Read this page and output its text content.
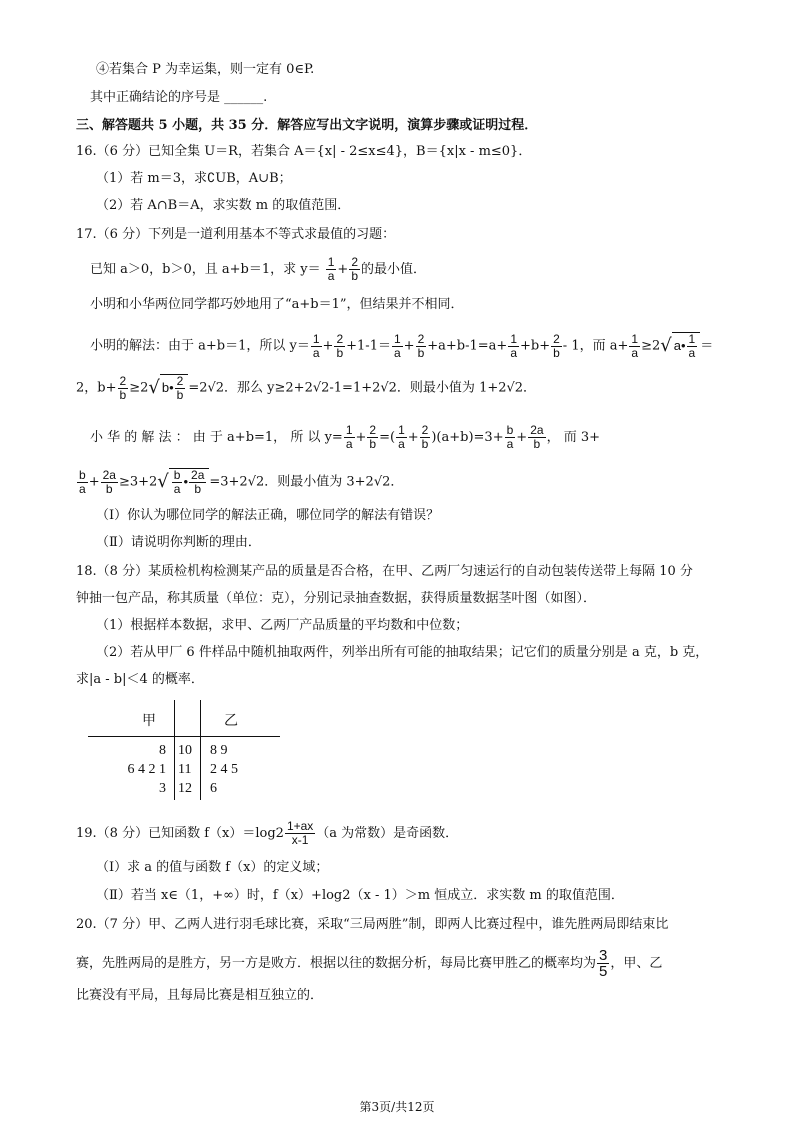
④若集合 P 为幸运集，则一定有 0∈P.
其中正确结论的序号是 ______.
三、解答题共 5 小题，共 35 分．解答应写出文字说明，演算步骤或证明过程．
16.（6 分）已知全集 U＝R，若集合 A＝{x| - 2≤x≤4}，B＝{x|x - m≤0}．
（1）若 m＝3，求∁UB，A∪B；
（2）若 A∩B＝A，求实数 m 的取值范围．
17.（6 分）下列是一道利用基本不等式求最值的习题：
已知 a＞0，b＞0，且 a+b＝1，求 $y= \frac{1}{a} + \frac{2}{b}$ 的最小值．
小明和小华两位同学都巧妙地用了“a+b＝1”，但结果并不相同．
小明的解法：由于 a+b＝1，所以 $y= \frac{1}{a} + \frac{2}{b} +1-1= \frac{1}{a} + \frac{2}{b} +a+b-1=a+ \frac{1}{a} +b+ \frac{2}{b} - 1$，而 $a+ \frac{1}{a} \ge 2√$ a• $\frac{1}{a}$ ＝
2，$b+ \frac{2}{b} \ge 2√$ b• $\frac{2}{b} =2√2$．那么 y≥2+2√2-1=1+2√2．则最小值为 1+2√2．
小 华 的 解 法 ： 由 于 a+b=1， 所 以 $y= \frac{1}{a} + \frac{2}{b}$ =( $\frac{1}{a} + \frac{2}{b} )(a+b)=3+ \frac{b}{a} + \frac{2a}{b}$ ， 而 3+
$\frac{b}{a} + \frac{2a}{b} \ge 3+2√ \frac{b}{a}$ • $\frac{2a}{b} =3+2√2$．则最小值为 3+2√2．
（Ⅰ）你认为哪位同学的解法正确，哪位同学的解法有错误？
（Ⅱ）请说明你判断的理由．
18.（8 分）某质检机构检测某产品的质量是否合格，在甲、乙两厂匀速运行的自动包装传送带上每隔 10 分
钟抽一包产品，称其质量（单位：克），分别记录抽查数据，获得质量数据茎叶图（如图）．
（1）根据样本数据，求甲、乙两厂产品质量的平均数和中位数；
（2）若从甲厂 6 件样品中随机抽取两件，列举出所有可能的抽取结果；记它们的质量分别是 a 克，b 克，
求|a - b|＜4 的概率．
甲	乙
8 10 8 9
6 4 2 1 11 2 4 5
3 12 6
19.（8 分）已知函数 $f(x)=\log 2 \frac{1+ax}{x-1} (a$ 为常数）是奇函数．
（Ⅰ）求 a 的值与函数 f（x）的定义域；
（Ⅱ）若当 x∈（1，+∞）时，f（x）+log2（x - 1）＞m 恒成立．求实数 m 的取值范围．
20.（7 分）甲、乙两人进行羽毛球比赛，采取“三局两胜”制，即两人比赛过程中，谁先胜两局即结束比
赛，先胜两局的是胜方，另一方是败方．根据以往的数据分析，每局比赛甲胜乙的概率均为 $\frac{3}{5}$ ，甲、乙
比赛没有平局，且每局比赛是相互独立的．
第3页/共12页
